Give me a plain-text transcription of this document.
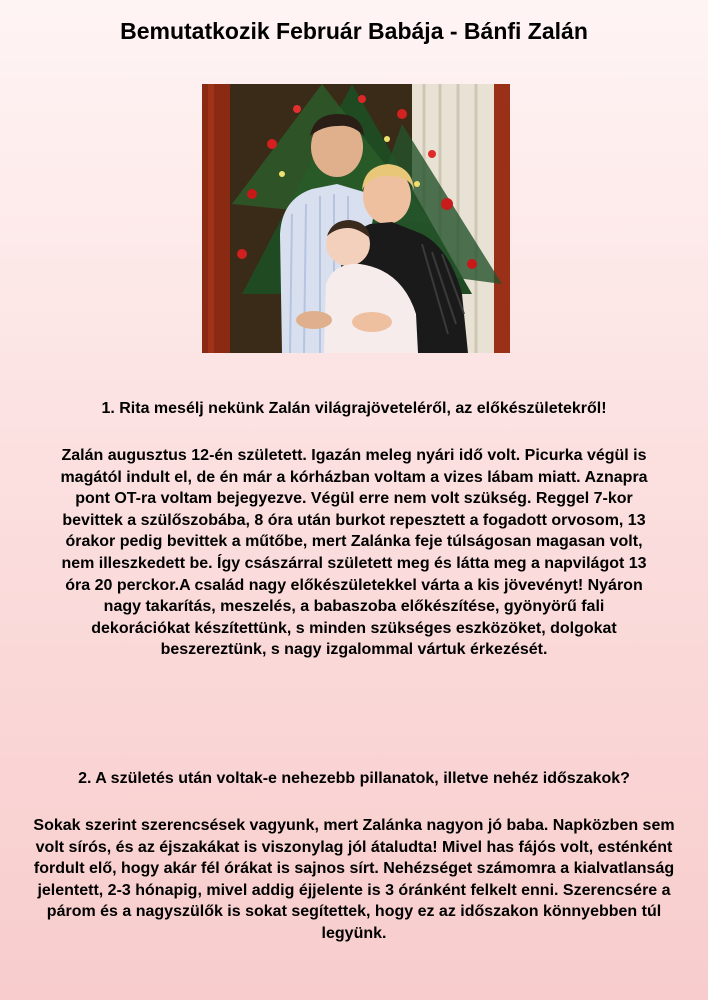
Bemutatkozik Február Babája - Bánfi Zalán

1. Rita mesélj nekünk Zalán világrajöveteléről, az előkészületekről!

Zalán augusztus 12-én született. Igazán meleg nyári idő volt. Picurka végül is magától indult el, de én már a kórházban voltam a vizes lábam miatt. Aznapra pont OT-ra voltam bejegyezve. Végül erre nem volt szükség. Reggel 7-kor bevittek a szülőszobába, 8 óra után burkot repesztett a fogadott orvosom, 13 órakor pedig bevittek a műtőbe, mert Zalánka feje túlságosan magasan volt, nem illeszkedett be. Így császárral született meg és látta meg a napvilágot 13 óra 20 perckor.A család nagy előkészületekkel várta a kis jövevényt! Nyáron nagy takarítás, meszelés, a babaszoba előkészítése, gyönyörű fali dekorációkat készítettünk, s minden szükséges eszközöket, dolgokat beszereztünk, s nagy izgalommal vártuk érkezését.

2. A születés után voltak-e nehezebb pillanatok, illetve nehéz időszakok?

Sokak szerint szerencsések vagyunk, mert Zalánka nagyon jó baba. Napközben sem volt sírós, és az éjszakákat is viszonylag jól átaludta! Mivel has fájós volt, esténként fordult elő, hogy akár fél órákat is sajnos sírt. Nehézséget számomra a kialvatlanság jelentett, 2-3 hónapig, mivel addig éjjelente is 3 óránként felkelt enni. Szerencsére a párom és a nagyszülők is sokat segítettek, hogy ez az időszakon könnyebben túl legyünk.
